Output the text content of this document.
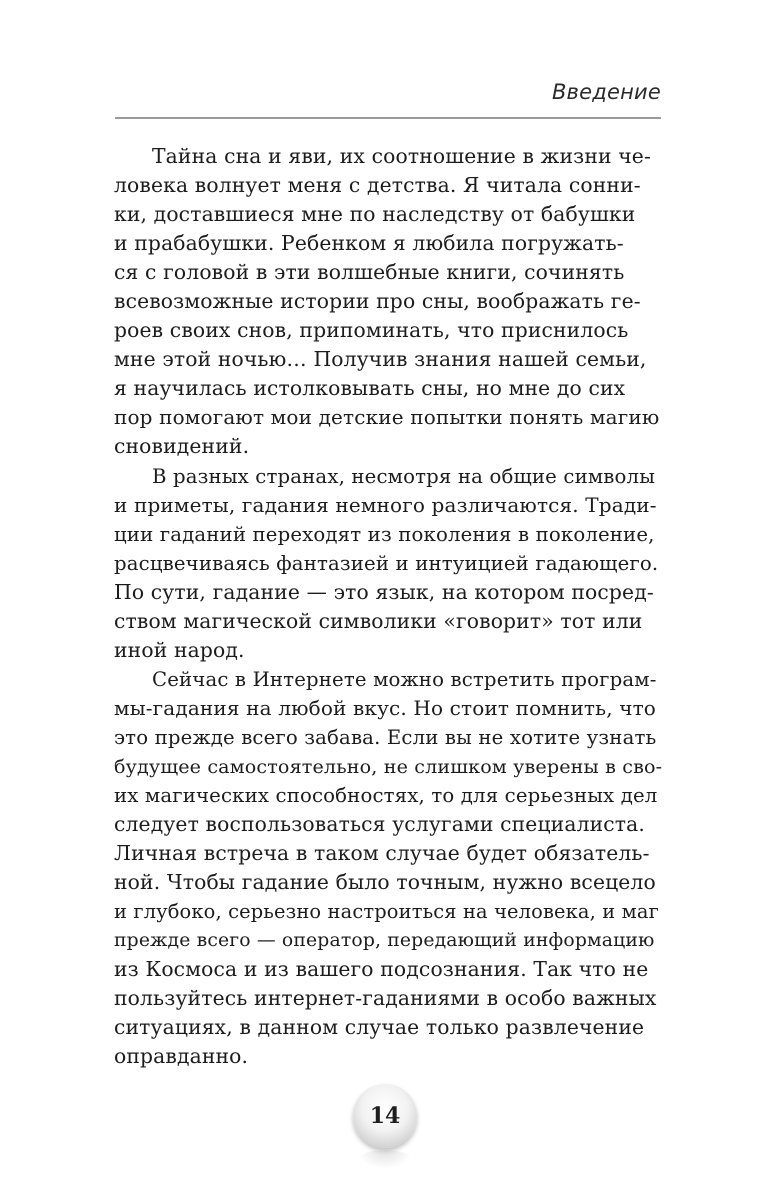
Введение
Тайна сна и яви, их соотношение в жизни че-
ловека волнует меня с детства. Я читала сонни-
ки, доставшиеся мне по наследству от бабушки
и прабабушки. Ребенком я любила погружать-
ся с головой в эти волшебные книги, сочинять
всевозможные истории про сны, воображать ге-
роев своих снов, припоминать, что приснилось
мне этой ночью… Получив знания нашей семьи,
я научилась истолковывать сны, но мне до сих
пор помогают мои детские попытки понять магию
сновидений.
В разных странах, несмотря на общие символы
и приметы, гадания немного различаются. Тради-
ции гаданий переходят из поколения в поколение,
расцвечиваясь фантазией и интуицией гадающего.
По сути, гадание — это язык, на котором посред-
ством магической символики «говорит» тот или
иной народ.
Сейчас в Интернете можно встретить програм-
мы-гадания на любой вкус. Но стоит помнить, что
это прежде всего забава. Если вы не хотите узнать
будущее самостоятельно, не слишком уверены в сво-
их магических способностях, то для серьезных дел
следует воспользоваться услугами специалиста.
Личная встреча в таком случае будет обязатель-
ной. Чтобы гадание было точным, нужно всецело
и глубоко, серьезно настроиться на человека, и маг
прежде всего — оператор, передающий информацию
из Космоса и из вашего подсознания. Так что не
пользуйтесь интернет-гаданиями в особо важных
ситуациях, в данном случае только развлечение
оправданно.
14
